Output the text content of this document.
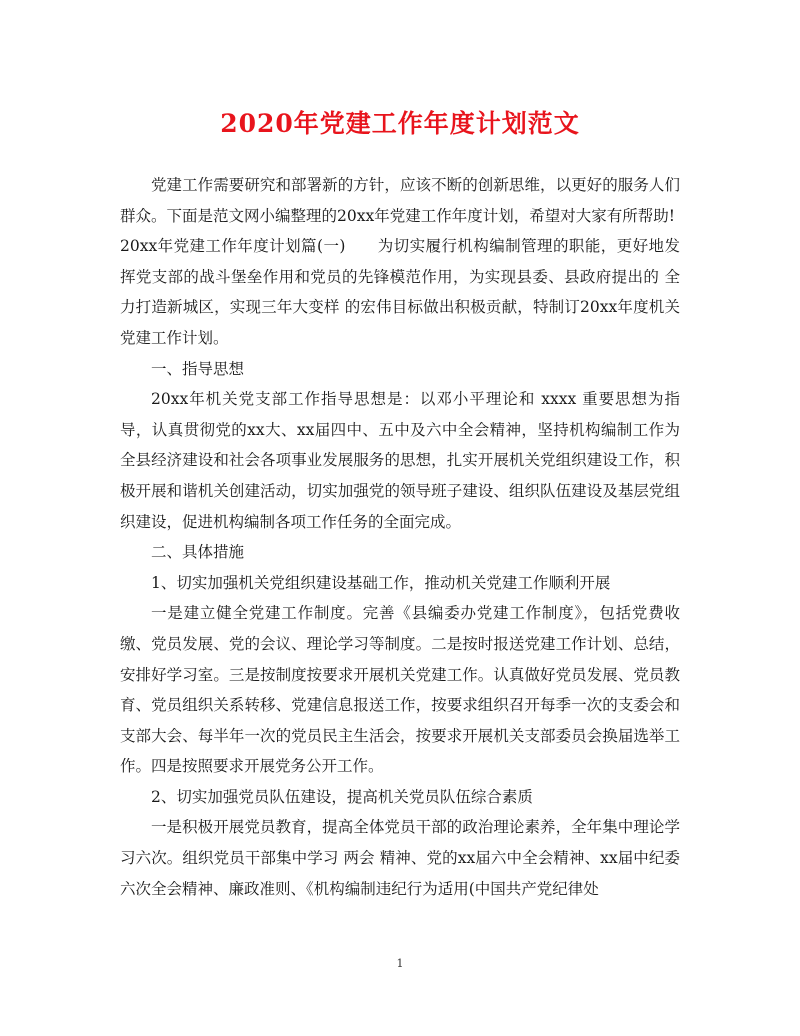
2020年党建工作年度计划范文

党建工作需要研究和部署新的方针，应该不断的创新思维，以更好的服务人们群众。下面是范文网小编整理的20xx年党建工作年度计划，希望对大家有所帮助!

20xx年党建工作年度计划篇(一)　　为切实履行机构编制管理的职能，更好地发挥党支部的战斗堡垒作用和党员的先锋模范作用，为实现县委、县政府提出的 全力打造新城区，实现三年大变样 的宏伟目标做出积极贡献，特制订20xx年度机关党建工作计划。

一、指导思想

20xx年机关党支部工作指导思想是：以邓小平理论和 xxxx 重要思想为指导，认真贯彻党的xx大、xx届四中、五中及六中全会精神，坚持机构编制工作为全县经济建设和社会各项事业发展服务的思想，扎实开展机关党组织建设工作，积极开展和谐机关创建活动，切实加强党的领导班子建设、组织队伍建设及基层党组织建设，促进机构编制各项工作任务的全面完成。

二、具体措施

1、切实加强机关党组织建设基础工作，推动机关党建工作顺利开展

一是建立健全党建工作制度。完善《县编委办党建工作制度》，包括党费收缴、党员发展、党的会议、理论学习等制度。二是按时报送党建工作计划、总结，安排好学习室。三是按制度按要求开展机关党建工作。认真做好党员发展、党员教育、党员组织关系转移、党建信息报送工作，按要求组织召开每季一次的支委会和支部大会、每半年一次的党员民主生活会，按要求开展机关支部委员会换届选举工作。四是按照要求开展党务公开工作。

2、切实加强党员队伍建设，提高机关党员队伍综合素质

一是积极开展党员教育，提高全体党员干部的政治理论素养，全年集中理论学习六次。组织党员干部集中学习 两会 精神、党的xx届六中全会精神、xx届中纪委六次全会精神、廉政准则、《机构编制违纪行为适用(中国共产党纪律处

1
